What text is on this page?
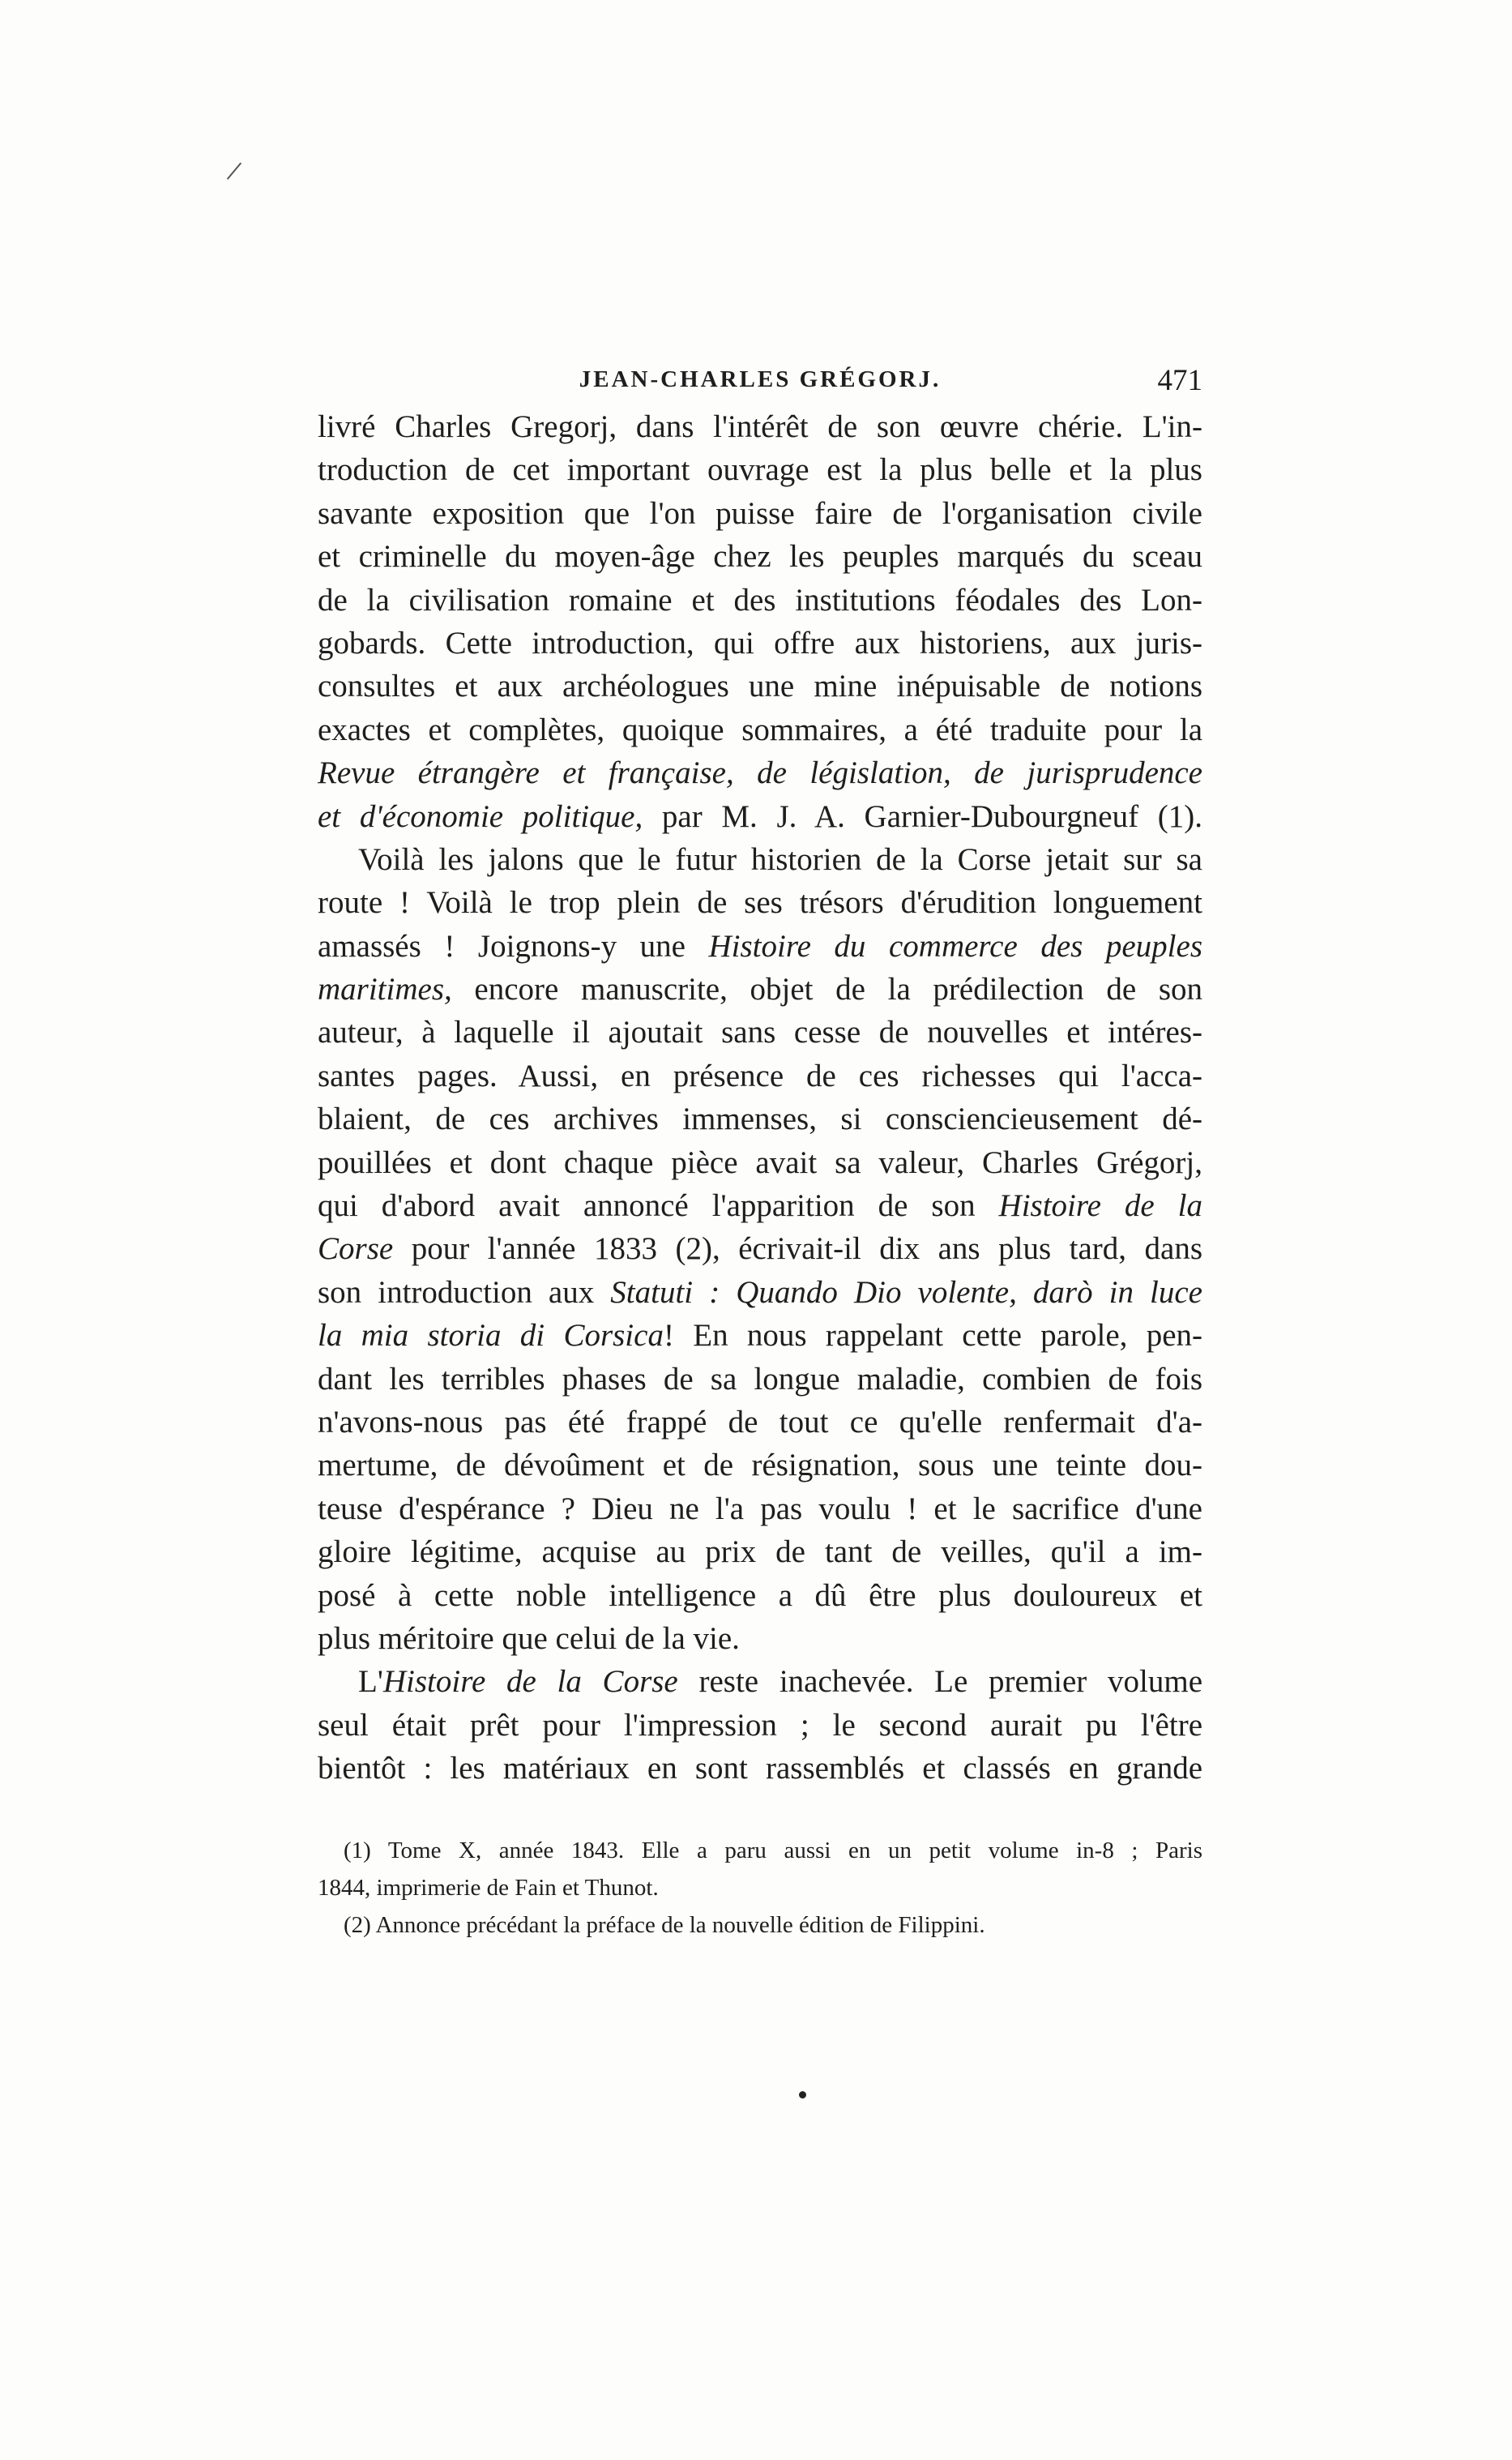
JEAN-CHARLES GRÉGORJ.	471
livré Charles Gregorj, dans l'intérêt de son œuvre chérie. L'in-
troduction de cet important ouvrage est la plus belle et la plus
savante exposition que l'on puisse faire de l'organisation civile
et criminelle du moyen-âge chez les peuples marqués du sceau
de la civilisation romaine et des institutions féodales des Lon-
gobards. Cette introduction, qui offre aux historiens, aux juris-
consultes et aux archéologues une mine inépuisable de notions
exactes et complètes, quoique sommaires, a été traduite pour la
Revue étrangère et française, de législation, de jurisprudence
et d'économie politique, par M. J. A. Garnier-Dubourgneuf (1).
Voilà les jalons que le futur historien de la Corse jetait sur sa
route ! Voilà le trop plein de ses trésors d'érudition longuement
amassés ! Joignons-y une Histoire du commerce des peuples
maritimes, encore manuscrite, objet de la prédilection de son
auteur, à laquelle il ajoutait sans cesse de nouvelles et intéres-
santes pages. Aussi, en présence de ces richesses qui l'acca-
blaient, de ces archives immenses, si consciencieusement dé-
pouillées et dont chaque pièce avait sa valeur, Charles Grégorj,
qui d'abord avait annoncé l'apparition de son Histoire de la
Corse pour l'année 1833 (2), écrivait-il dix ans plus tard, dans
son introduction aux Statuti : Quando Dio volente, darò in luce
la mia storia di Corsica! En nous rappelant cette parole, pen-
dant les terribles phases de sa longue maladie, combien de fois
n'avons-nous pas été frappé de tout ce qu'elle renfermait d'a-
mertume, de dévoûment et de résignation, sous une teinte dou-
teuse d'espérance ? Dieu ne l'a pas voulu ! et le sacrifice d'une
gloire légitime, acquise au prix de tant de veilles, qu'il a im-
posé à cette noble intelligence a dû être plus douloureux et
plus méritoire que celui de la vie.
L'Histoire de la Corse reste inachevée. Le premier volume
seul était prêt pour l'impression ; le second aurait pu l'être
bientôt : les matériaux en sont rassemblés et classés en grande
(1) Tome X, année 1843. Elle a paru aussi en un petit volume in-8 ; Paris
1844, imprimerie de Fain et Thunot.
(2) Annonce précédant la préface de la nouvelle édition de Filippini.
